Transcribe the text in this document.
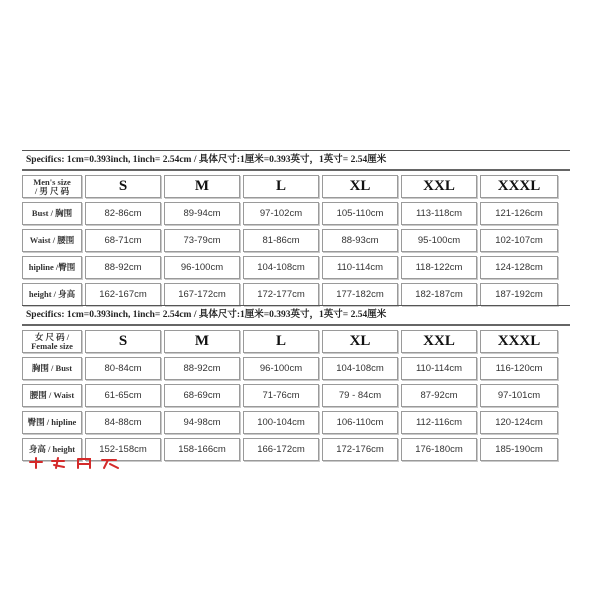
Specifics: 1cm=0.393inch, 1inch= 2.54cm / 具体尺寸:1厘米=0.393英寸，1英寸= 2.54厘米
Men's size
/ 男 尺 码	S	M	L	XL	XXL	XXXL
Bust / 胸围	82-86cm	89-94cm	97-102cm	105-110cm	113-118cm	121-126cm
Waist / 腰围	68-71cm	73-79cm	81-86cm	88-93cm	95-100cm	102-107cm
hipline /臀围	88-92cm	96-100cm	104-108cm	110-114cm	118-122cm	124-128cm
height / 身高	162-167cm	167-172cm	172-177cm	177-182cm	182-187cm	187-192cm
Specifics: 1cm=0.393inch, 1inch= 2.54cm / 具体尺寸:1厘米=0.393英寸，1英寸= 2.54厘米
女 尺 码 /
Female size	S	M	L	XL	XXL	XXXL
胸围 / Bust	80-84cm	88-92cm	96-100cm	104-108cm	110-114cm	116-120cm
腰围 / Waist	61-65cm	68-69cm	71-76cm	79 - 84cm	87-92cm	97-101cm
臀围 / hipline	84-88cm	94-98cm	100-104cm	106-110cm	112-116cm	120-124cm
身高 / height	152-158cm	158-166cm	166-172cm	172-176cm	176-180cm	185-190cm
